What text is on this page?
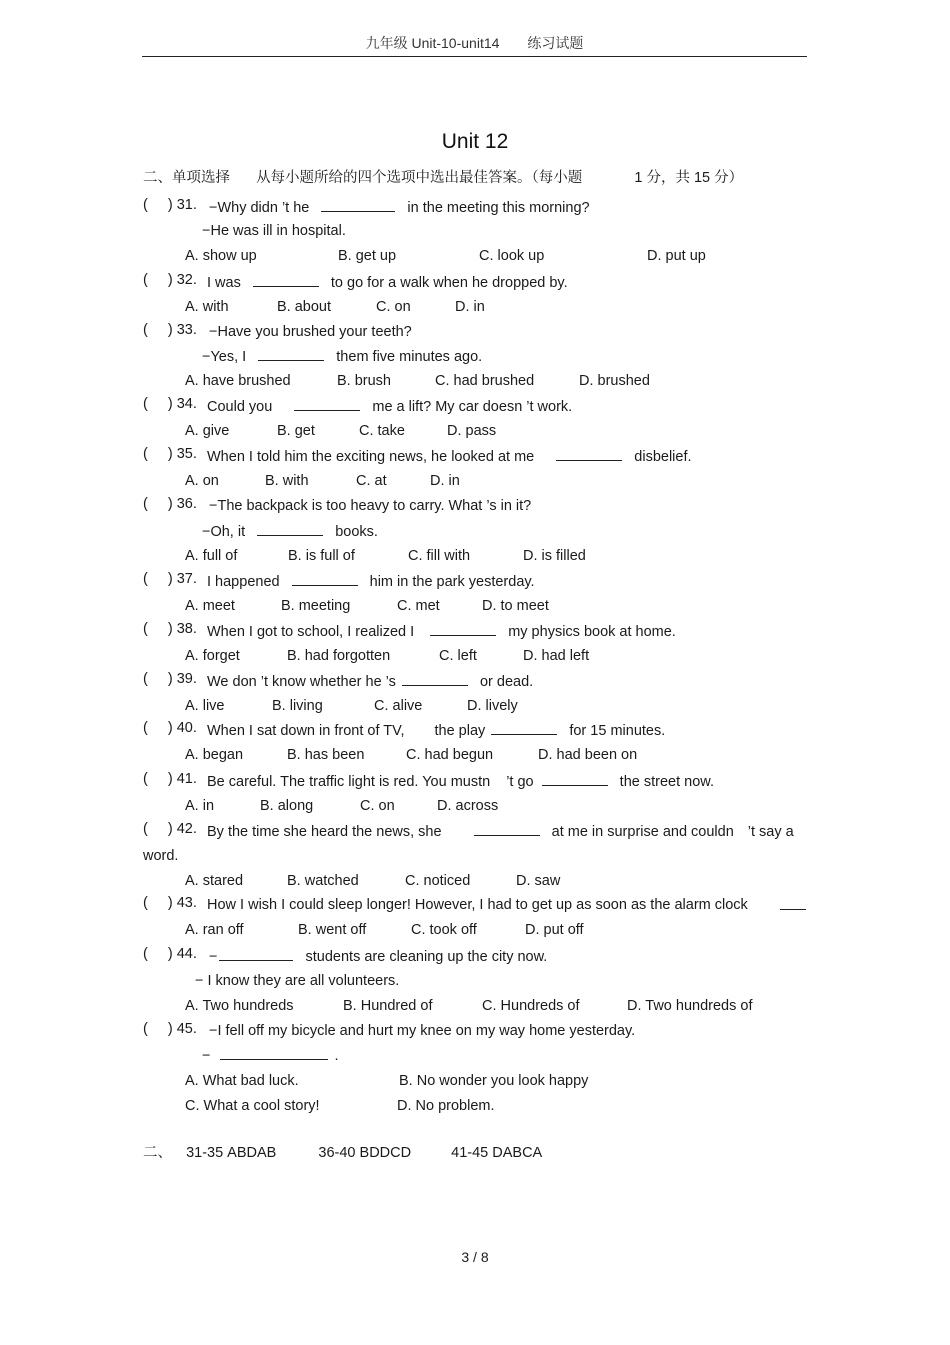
九年级 Unit-10-unit14 练习试题
Unit 12
二、单项选择 从每小题所给的四个选项中选出最佳答案。（每小题	1 分，共 15 分）
( ) 31. −Why didn ’t he	in the meeting this morning?
−He was ill in hospital.
A. show up	B. get up	C. look up	D. put up
( ) 32. I was	to go for a walk when he dropped by.
A. with	B. about	C. on	D. in
( ) 33. −Have you brushed your teeth?
−Yes, I	them five minutes ago.
A. have brushed	B. brush	C. had brushed	D. brushed
( ) 34. Could you	me a lift? My car doesn ’t work.
A. give	B. get	C. take	D. pass
( ) 35. When I told him the exciting news, he looked at me	disbelief.
A. on	B. with	C. at	D. in
( ) 36. −The backpack is too heavy to carry. What ’s in it?
−Oh, it	books.
A. full of	B. is full of	C. fill with	D. is filled
( ) 37. I happened	him in the park yesterday.
A. meet	B. meeting	C. met	D. to meet
( ) 38. When I got to school, I realized I	my physics book at home.
A. forget	B. had forgotten	C. left	D. had left
( ) 39. We don ’t know whether he ’s	or dead.
A. live	B. living	C. alive	D. lively
( ) 40. When I sat down in front of TV, the play	for 15 minutes.
A. began	B. has been	C. had begun	D. had been on
( ) 41. Be careful. The traffic light is red. You mustn ’t go	the street now.
A. in	B. along	C. on	D. across
( ) 42. By the time she heard the news, she	at me in surprise and couldn ’t say a
word.
A. stared	B. watched	C. noticed	D. saw
( ) 43. How I wish I could sleep longer! However, I had to get up as soon as the alarm clock
A. ran off	B. went off	C. took off	D. put off
( ) 44. −	students are cleaning up the city now.
− I know they are all volunteers.
A. Two hundreds	B. Hundred of	C. Hundreds of	D. Two hundreds of
( ) 45. −I fell off my bicycle and hurt my knee on my way home yesterday.
−	.
A. What bad luck.	B. No wonder you look happy
C. What a cool story!	D. No problem.
二、 31-35 ABDAB	36-40 BDDCD	41-45 DABCA
3 / 8
